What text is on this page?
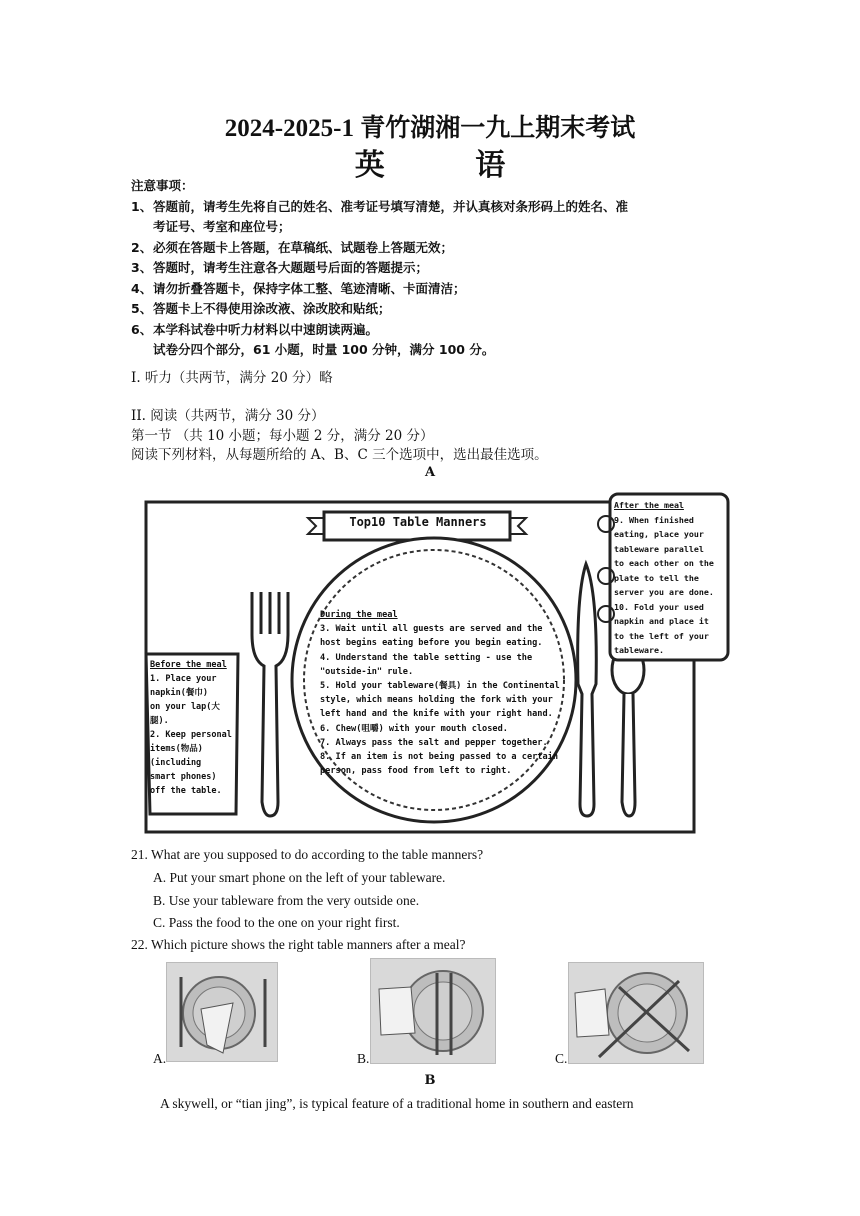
2024-2025-1 青竹湖湘一九上期末考试
英 语
注意事项：
1、 答题前，请考生先将自己的姓名、准考证号填写清楚，并认真核对条形码上的姓名、准
考证号、考室和座位号；
2、 必须在答题卡上答题，在草稿纸、试题卷上答题无效；
3、 答题时，请考生注意各大题题号后面的答题提示；
4、 请勿折叠答题卡，保持字体工整、笔迹清晰、卡面清洁；
5、 答题卡上不得使用涂改液、涂改胶和贴纸；
6、 本学科试卷中听力材料以中速朗读两遍。
试卷分四个部分，61 小题，时量 100 分钟，满分 100 分。
I. 听力（共两节，满分 20 分）略
II. 阅读（共两节，满分 30 分）
第一节 （共 10 小题；每小题 2 分，满分 20 分）
阅读下列材料，从每题所给的 A、B、C 三个选项中，选出最佳选项。
A
Top10 Table Manners
Before the meal
1. Place your
napkin(餐巾)
on your lap(大
腿).
2. Keep personal
items(物品)
(including
smart phones)
off the table.
During the meal
3. Wait until all guests are served and the
host begins eating before you begin eating.
4. Understand the table setting - use the
"outside-in" rule.
5. Hold your tableware(餐具) in the Continental
style, which means holding the fork with your
left hand and the knife with your right hand.
6. Chew(咀嚼) with your mouth closed.
7. Always pass the salt and pepper together.
8. If an item is not being passed to a certain
person, pass food from left to right.
After the meal
9. When finished
eating, place your
tableware parallel
to each other on the
plate to tell the
server you are done.
10. Fold your used
napkin and place it
to the left of your
tableware.
21. What are you supposed to do according to the table manners?
A. Put your smart phone on the left of your tableware.
B. Use your tableware from the very outside one.
C. Pass the food to the one on your right first.
22. Which picture shows the right table manners after a meal?
A.	B.	C.
B
A skywell, or “tian jing”, is typical feature of a traditional home in southern and eastern
